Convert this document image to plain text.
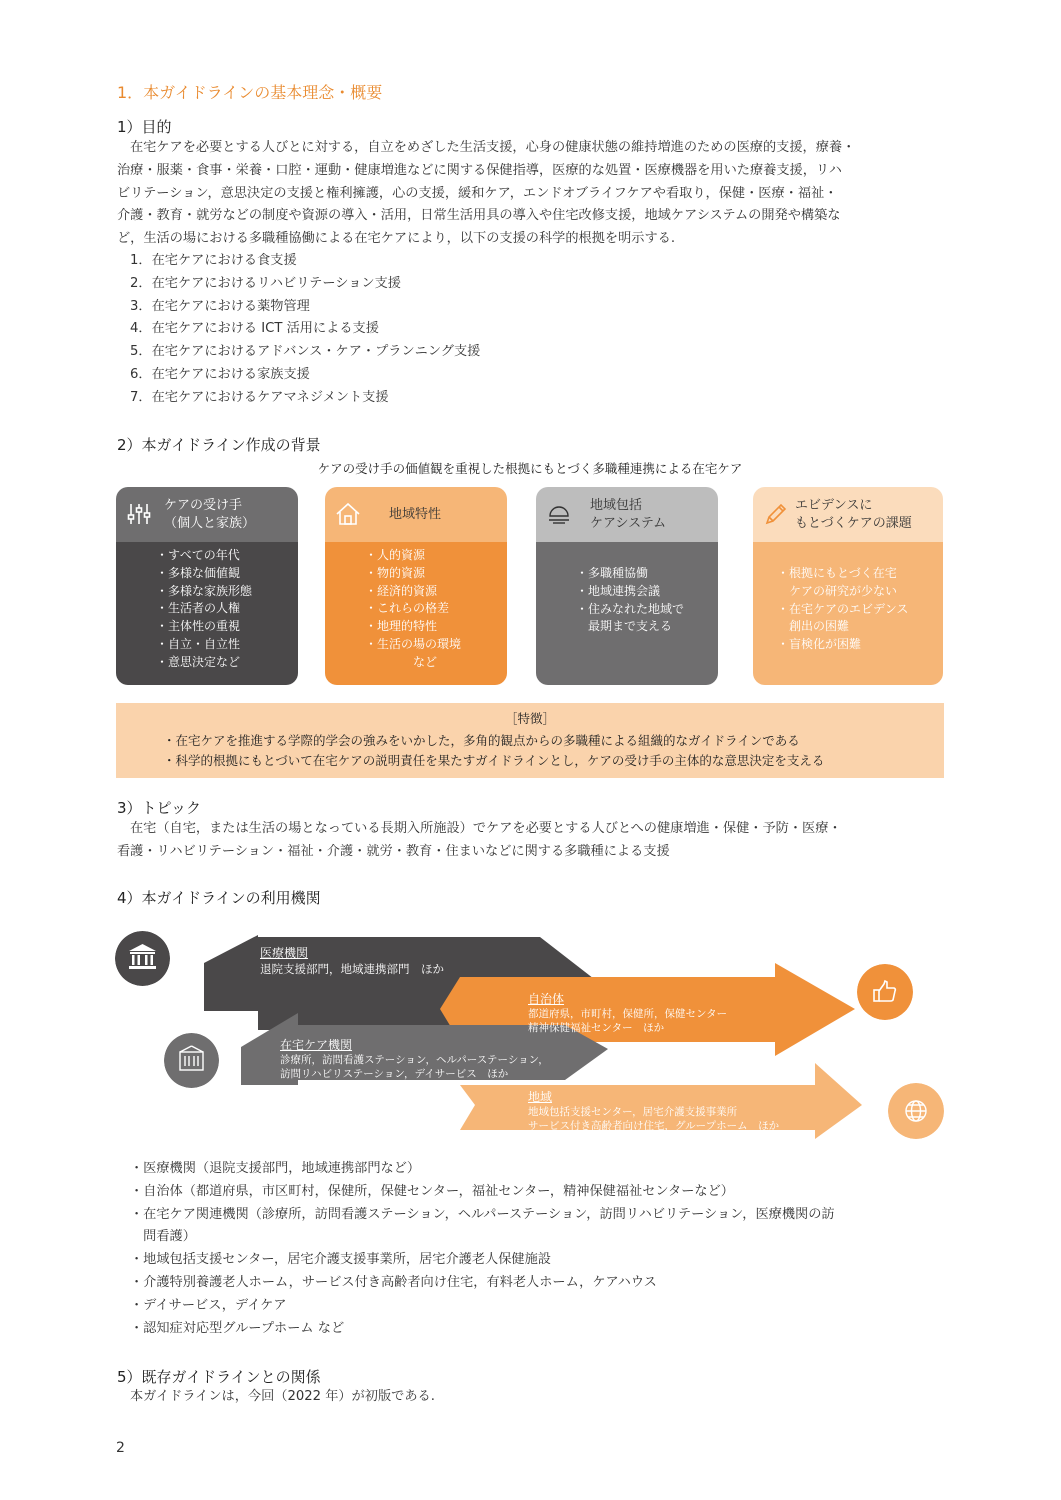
1．本ガイドラインの基本理念・概要
1）目的
在宅ケアを必要とする人びとに対する，自立をめざした生活支援，心身の健康状態の維持増進のための医療的支援，療養・
治療・服薬・食事・栄養・口腔・運動・健康増進などに関する保健指導，医療的な処置・医療機器を用いた療養支援，リハ
ビリテーション，意思決定の支援と権利擁護，心の支援，緩和ケア，エンドオブライフケアや看取り，保健・医療・福祉・
介護・教育・就労などの制度や資源の導入・活用，日常生活用具の導入や住宅改修支援，地域ケアシステムの開発や構築な
ど，生活の場における多職種協働による在宅ケアにより，以下の支援の科学的根拠を明示する.
1．在宅ケアにおける食支援
2．在宅ケアにおけるリハビリテーション支援
3．在宅ケアにおける薬物管理
4．在宅ケアにおける ICT 活用による支援
5．在宅ケアにおけるアドバンス・ケア・プランニング支援
6．在宅ケアにおける家族支援
7．在宅ケアにおけるケアマネジメント支援
2）本ガイドライン作成の背景
ケアの受け手の価値観を重視した根拠にもとづく多職種連携による在宅ケア
ケアの受け手
（個人と家族）
・すべての年代
・多様な価値観
・多様な家族形態
・生活者の人権
・主体性の重視
・自立・自立性
・意思決定など
地域特性
・人的資源
・物的資源
・経済的資源
・これらの格差
・地理的特性
・生活の場の環境
　　　　など
地域包括
ケアシステム
・多職種協働
・地域連携会議
・住みなれた地域で
　最期まで支える
エビデンスに
もとづくケアの課題
・根拠にもとづく在宅
　ケアの研究が少ない
・在宅ケアのエビデンス
　創出の困難
・盲検化が困難
［特徴］
・在宅ケアを推進する学際的学会の強みをいかした，多角的観点からの多職種による組織的なガイドラインである
・科学的根拠にもとづいて在宅ケアの説明責任を果たすガイドラインとし，ケアの受け手の主体的な意思決定を支える
3）トピック
在宅（自宅，または生活の場となっている長期入所施設）でケアを必要とする人びとへの健康増進・保健・予防・医療・
看護・リハビリテーション・福祉・介護・就労・教育・住まいなどに関する多職種による支援
4）本ガイドラインの利用機関
医療機関
退院支援部門，地域連携部門　ほか
自治体
都道府県，市町村，保健所，保健センター
精神保健福祉センター　ほか
在宅ケア機関
診療所，訪問看護ステーション，ヘルパーステーション，
訪問リハビリステーション，デイサービス　ほか
地域
地域包括支援センター，居宅介護支援事業所
サービス付き高齢者向け住宅，グループホーム　ほか
・医療機関（退院支援部門，地域連携部門など）
・自治体（都道府県，市区町村，保健所，保健センター，福祉センター，精神保健福祉センターなど）
・在宅ケア関連機関（診療所，訪問看護ステーション，ヘルパーステーション，訪問リハビリテーション，医療機関の訪
　問看護）
・地域包括支援センター，居宅介護支援事業所，居宅介護老人保健施設
・介護特別養護老人ホーム，サービス付き高齢者向け住宅，有料老人ホーム，ケアハウス
・デイサービス，デイケア
・認知症対応型グループホーム など
5）既存ガイドラインとの関係
本ガイドラインは，今回（2022 年）が初版である.
2
